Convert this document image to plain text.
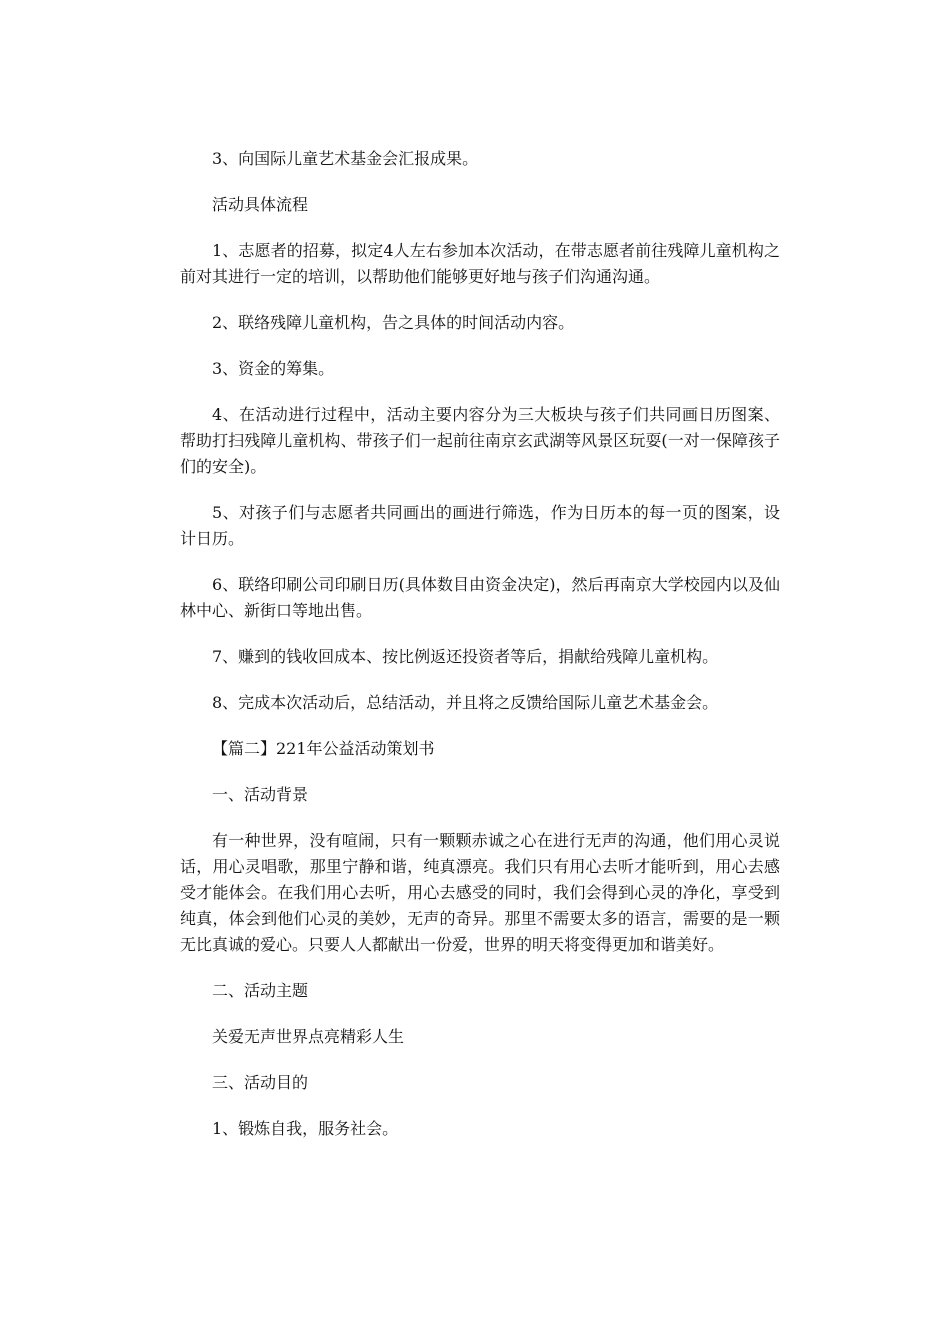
3、向国际儿童艺术基金会汇报成果。

活动具体流程

1、志愿者的招募，拟定4人左右参加本次活动，在带志愿者前往残障儿童机构之前对其进行一定的培训，以帮助他们能够更好地与孩子们沟通沟通。

2、联络残障儿童机构，告之具体的时间活动内容。

3、资金的筹集。

4、在活动进行过程中，活动主要内容分为三大板块与孩子们共同画日历图案、帮助打扫残障儿童机构、带孩子们一起前往南京玄武湖等风景区玩耍(一对一保障孩子们的安全)。

5、对孩子们与志愿者共同画出的画进行筛选，作为日历本的每一页的图案，设计日历。

6、联络印刷公司印刷日历(具体数目由资金决定)，然后再南京大学校园内以及仙林中心、新街口等地出售。

7、赚到的钱收回成本、按比例返还投资者等后，捐献给残障儿童机构。

8、完成本次活动后，总结活动，并且将之反馈给国际儿童艺术基金会。

【篇二】221年公益活动策划书

一、活动背景

有一种世界，没有喧闹，只有一颗颗赤诚之心在进行无声的沟通，他们用心灵说话，用心灵唱歌，那里宁静和谐，纯真漂亮。我们只有用心去听才能听到，用心去感受才能体会。在我们用心去听，用心去感受的同时，我们会得到心灵的净化，享受到纯真，体会到他们心灵的美妙，无声的奇异。那里不需要太多的语言，需要的是一颗无比真诚的爱心。只要人人都献出一份爱，世界的明天将变得更加和谐美好。

二、活动主题

关爱无声世界点亮精彩人生

三、活动目的

1、锻炼自我，服务社会。
